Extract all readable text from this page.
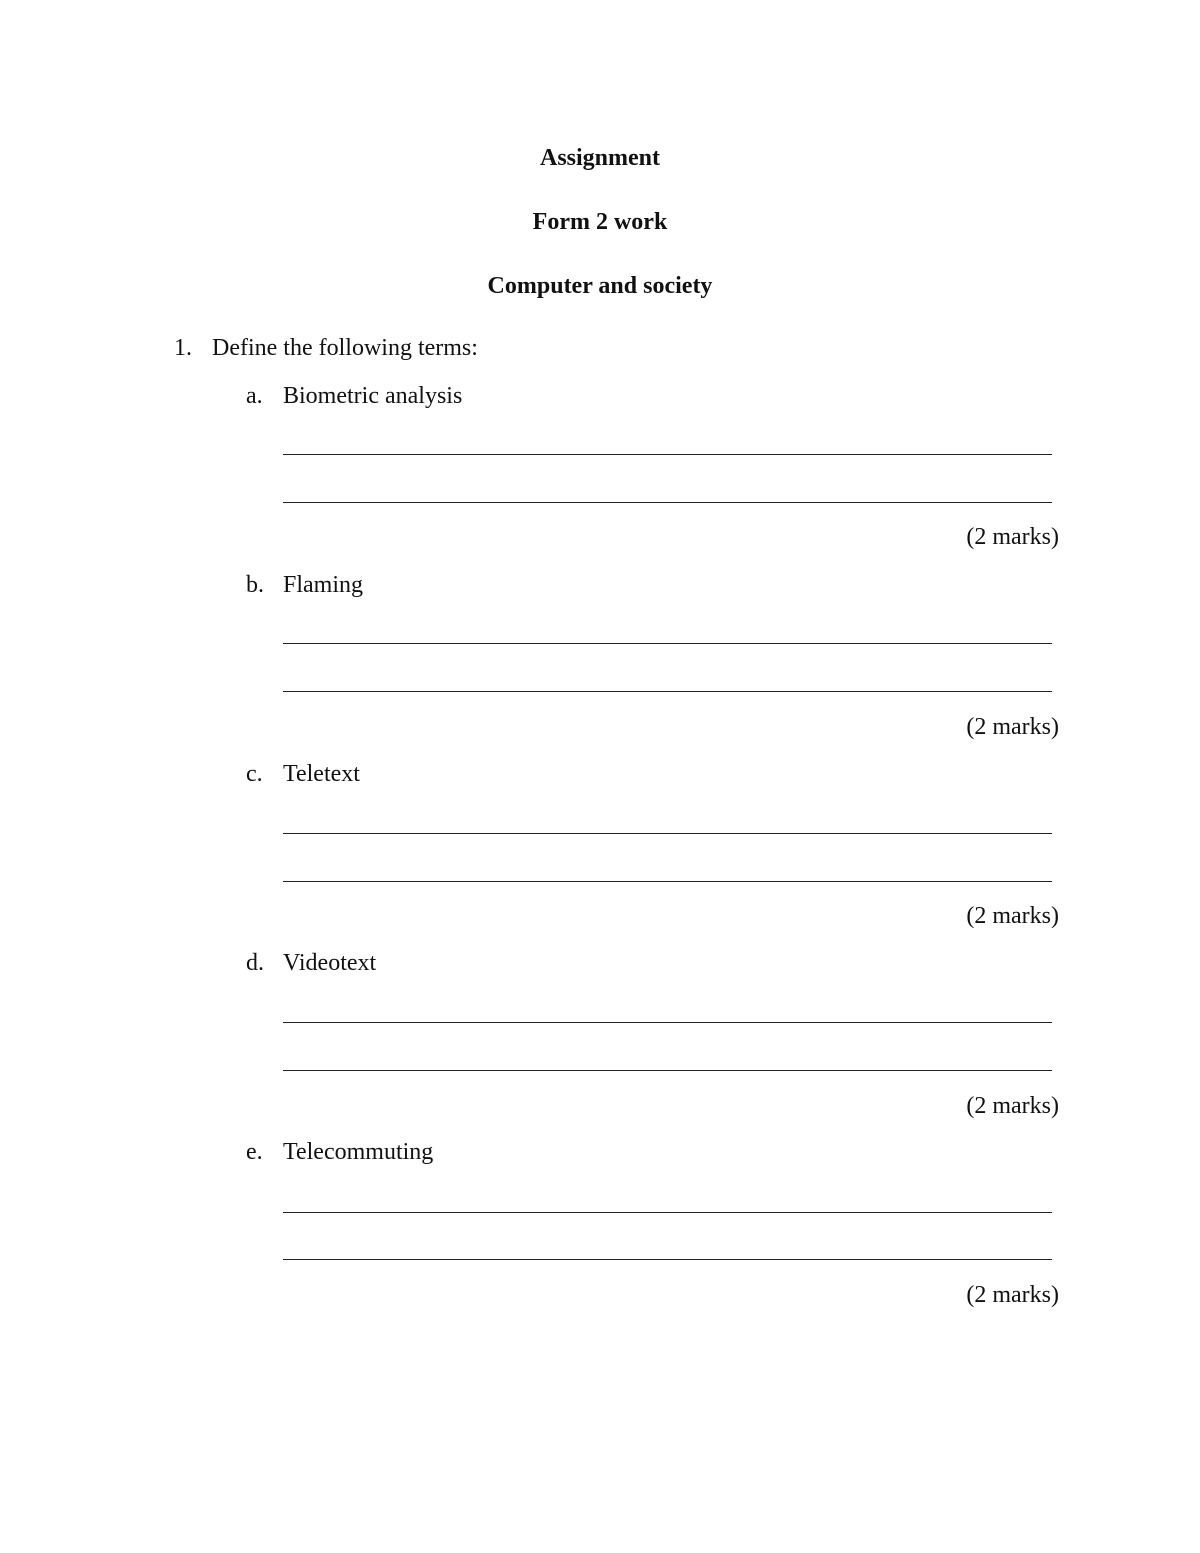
Assignment
Form 2 work
Computer and society
1. Define the following terms:
a. Biometric analysis
(2 marks)
b. Flaming
(2 marks)
c. Teletext
(2 marks)
d. Videotext
(2 marks)
e. Telecommuting
(2 marks)
